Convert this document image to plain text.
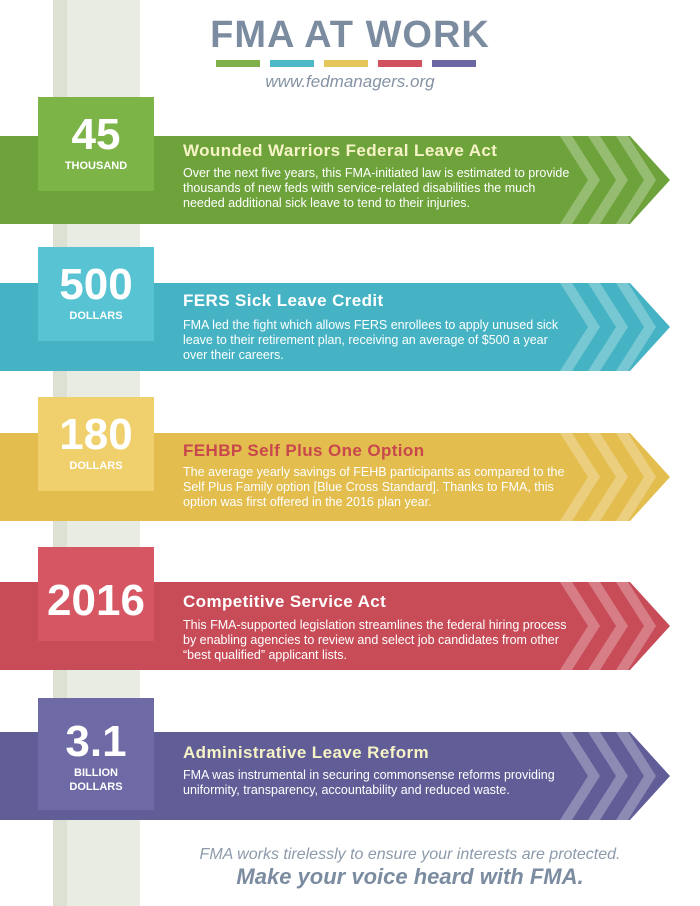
FMA AT WORK
www.fedmanagers.org
45
THOUSAND
Wounded Warriors Federal Leave Act
Over the next five years, this FMA-initiated law is estimated to provide thousands of new feds with service-related disabilities the much needed additional sick leave to tend to their injuries.
500
DOLLARS
FERS Sick Leave Credit
FMA led the fight which allows FERS enrollees to apply unused sick leave to their retirement plan, receiving an average of $500 a year over their careers.
180
DOLLARS
FEHBP Self Plus One Option
The average yearly savings of FEHB participants as compared to the Self Plus Family option [Blue Cross Standard]. Thanks to FMA, this option was first offered in the 2016 plan year.
2016	Competitive Service Act
This FMA-supported legislation streamlines the federal hiring process by enabling agencies to review and select job candidates from other “best qualified” applicant lists.
3.1
BILLION
DOLLARS
Administrative Leave Reform
FMA was instrumental in securing commonsense reforms providing uniformity, transparency, accountability and reduced waste.
FMA works tirelessly to ensure your interests are protected.
Make your voice heard with FMA.
